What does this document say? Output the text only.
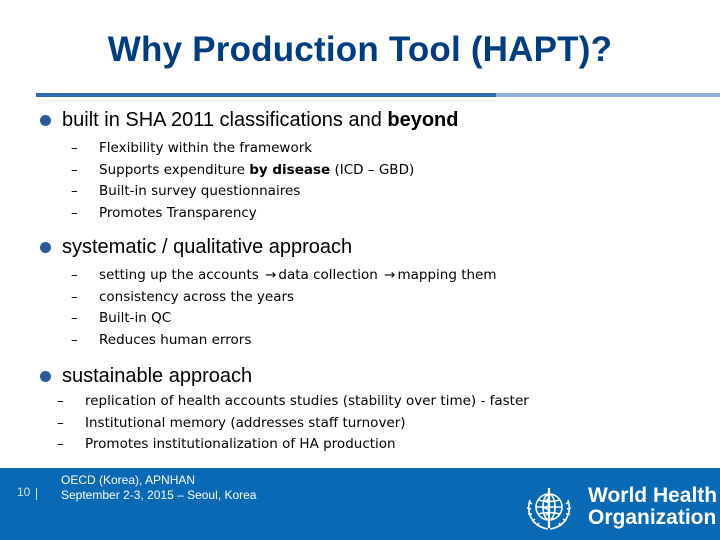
Why Production Tool (HAPT)?
built in SHA 2011 classifications and beyond
– Flexibility within the framework
– Supports expenditure by disease (ICD – GBD)
– Built-in survey questionnaires
– Promotes Transparency
systematic / qualitative approach
– setting up the accounts → data collection → mapping them
– consistency across the years
– Built-in QC
– Reduces human errors
sustainable approach
– replication of health accounts studies (stability over time) - faster
– Institutional memory (addresses staff turnover)
– Promotes institutionalization of HA production
10
OECD (Korea), APNHAN
September 2-3, 2015 – Seoul, Korea	World Health
Organization
